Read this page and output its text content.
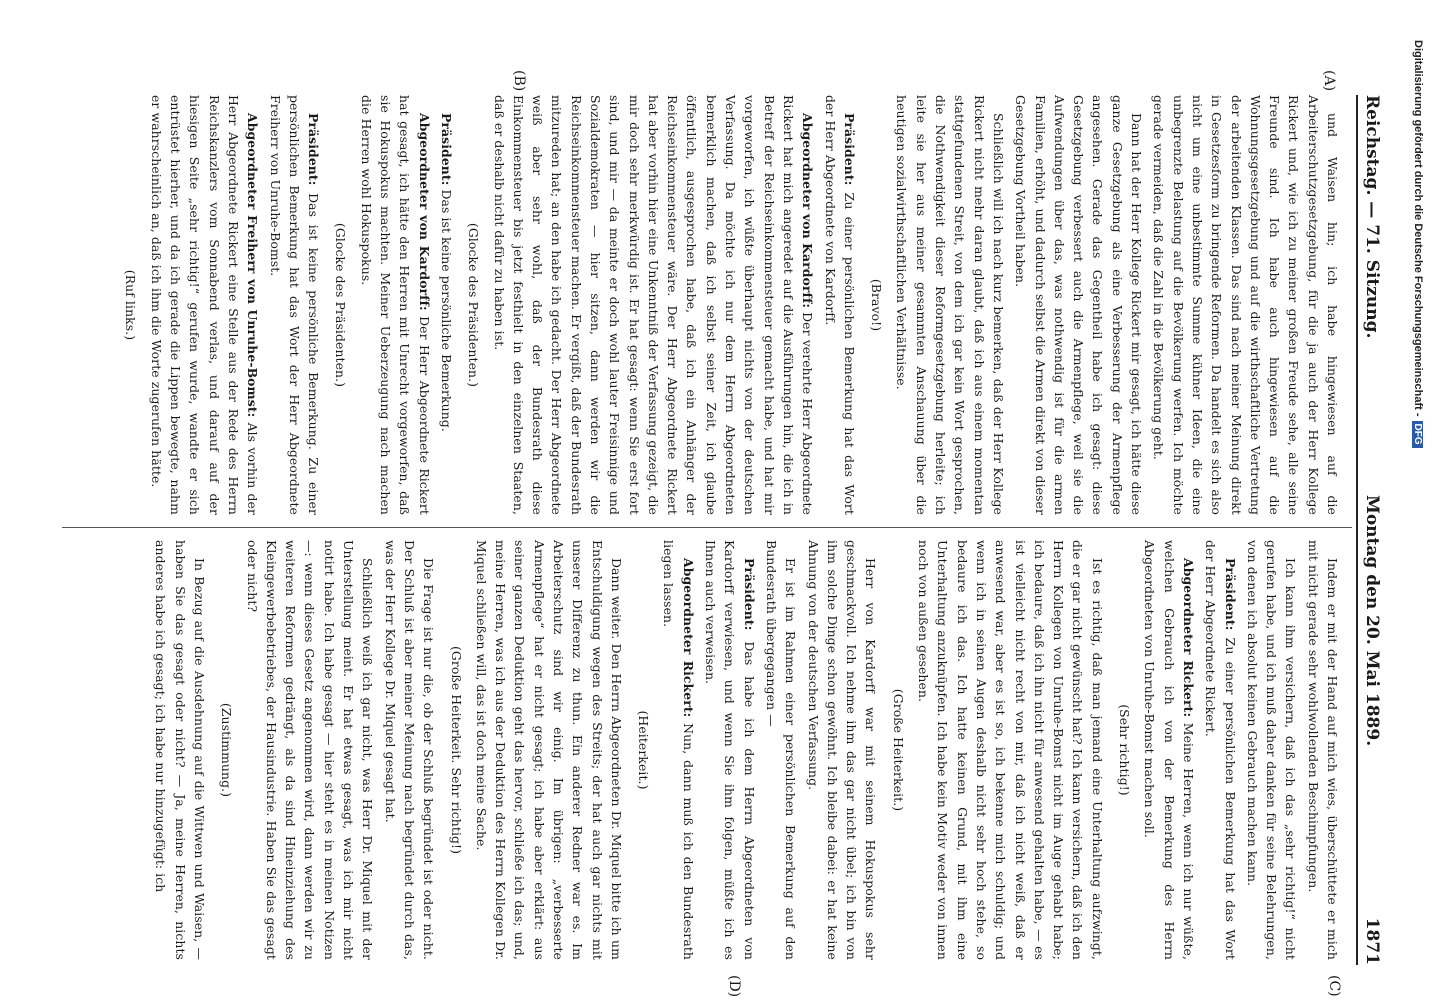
Reichstag. — 71. Sitzung.
Montag den 20. Mai 1889.
1871
(A)
(B)
(C)
(D)

und Waisen hin; ich habe hingewiesen auf die Arbeiterschutzgesetzgebung, für die ja auch der Herr Kollege Rickert und, wie ich zu meiner großen Freude sehe, alle seine Freunde sind. Ich habe auch hingewiesen auf die Wohnungsgesetzgebung und auf die wirthschaftliche Vertretung der arbeitenden Klassen. Das sind nach meiner Meinung direkt in Gesetzesform zu bringende Reformen. Da handelt es sich also nicht um eine unbestimmte Summe kühner Ideen, die eine unbegrenzte Belastung auf die Bevölkerung werfen. Ich möchte gerade vermeiden, daß die Zahl in die Bevölkerung geht.

Dann hat der Herr Kollege Rickert mir gesagt, ich hätte diese ganze Gesetzgebung als eine Verbesserung der Armenpflege angesehen. Gerade das Gegentheil habe ich gesagt: diese Gesetzgebung verbessert auch die Armenpflege, weil sie die Aufwendungen über das, was nothwendig ist für die armen Familien, erhöht, und dadurch selbst die Armen direkt von dieser Gesetzgebung Vortheil haben.

Schließlich will ich nach kurz bemerken, daß der Herr Kollege Rickert nicht mehr daran glaubt, daß ich aus einem momentan stattgefundenen Streit, von dem ich gar kein Wort gesprochen, die Nothwendigkeit dieser Reformgesetzgebung herleite; ich leite sie her aus meiner gesammten Anschauung über die heutigen sozialwirthschaftlichen Verhältnisse.

(Bravo!)

Präsident: Zu einer persönlichen Bemerkung hat das Wort der Herr Abgeordnete von Kardorff.

Abgeordneter von Kardorff: Der verehrte Herr Abgeordnete Rickert hat mich angeredet auf die Ausführungen hin, die ich in Betreff der Reichseinkommensteuer gemacht habe, und hat mir vorgeworfen, ich wüßte überhaupt nichts von der deutschen Verfassung. Da möchte ich nur dem Herrn Abgeordneten bemerklich machen, daß ich selbst seiner Zeit, ich glaube öffentlich, ausgesprochen habe, daß ich ein Anhänger der Reichseinkommensteuer wäre. Der Herr Abgeordnete Rickert hat aber vorhin hier eine Unkenntniß der Verfassung gezeigt, die mir doch sehr merkwürdig ist. Er hat gesagt: wenn Sie erst fort sind, und mir — da meinte er doch wohl lauter Freisinnige und Sozialdemokraten — hier sitzen, dann werden wir die Reichseinkommensteuer machen. Er vergißt, daß der Bundesrath mitzureden hat; an den habe ich gedacht. Der Herr Abgeordnete weiß aber sehr wohl, daß der Bundesrath diese Einkommensteuer bis jetzt festhielt in den einzelnen Staaten, daß er deshalb nicht dafür zu haben ist.

(Glocke des Präsidenten.)

Präsident: Das ist keine persönliche Bemerkung.

Abgeordneter von Kardorff: Der Herr Abgeordnete Rickert hat gesagt, ich hätte den Herren mit Unrecht vorgeworfen, daß sie Hokuspokus machten. Meiner Ueberzeugung nach machen die Herren wohl Hokuspokus.

(Glocke des Präsidenten.)

Präsident: Das ist keine persönliche Bemerkung. Zu einer persönlichen Bemerkung hat das Wort der Herr Abgeordnete Freiherr von Unruhe-Bomst.

Abgeordneter Freiherr von Unruhe-Bomst: Als vorhin der Herr Abgeordnete Rickert eine Stelle aus der Rede des Herrn Reichskanzlers vom Sonnabend verlas, und darauf auf der hiesigen Seite „sehr richtig!“ gerufen wurde, wandte er sich entrüstet hierher, und da ich gerade die Lippen bewegte, nahm er wahrscheinlich an, daß ich ihm die Worte zugerufen hätte.

(Ruf links.)

Indem er mit der Hand auf mich wies, überschüttete er mich mit nicht gerade sehr wohlwollenden Beschimpfungen.

Ich kann ihm versichern, daß ich das „sehr richtig!“ nicht gerufen habe, und ich muß daher danken für seine Belehrungen, von denen ich absolut keinen Gebrauch machen kann.

Präsident: Zu einer persönlichen Bemerkung hat das Wort der Herr Abgeordnete Rickert.

Abgeordneter Rickert: Meine Herren, wenn ich nur wüßte, welchen Gebrauch ich von der Bemerkung des Herrn Abgeordneten von Unruhe-Bomst machen soll.

(Sehr richtig!)

Ist es richtig, daß man jemand eine Unterhaltung aufzwingt, die er gar nicht gewünscht hat? Ich kann versichern, daß ich den Herrn Kollegen von Unruhe-Bomst nicht im Auge gehabt habe; ich bedaure, daß ich ihn nicht für anwesend gehalten habe, — es ist vielleicht nicht recht von mir, daß ich nicht weiß, daß er anwesend war, aber es ist so, ich bekenne mich schuldig; und wenn ich in seinen Augen deshalb nicht sehr hoch stehe, so bedaure ich das. Ich hatte keinen Grund, mit ihm eine Unterhaltung anzuknüpfen. Ich habe kein Motiv weder von innen noch von außen gesehen.

(Große Heiterkeit.)

Herr von Kardorff war mit seinem Hokuspokus sehr geschmackvoll. Ich nehme ihm das gar nicht übel; ich bin von ihm solche Dinge schon gewöhnt. Ich bleibe dabei: er hat keine Ahnung von der deutschen Verfassung.

Er ist im Rahmen einer persönlichen Bemerkung auf den Bundesrath übergegangen —

Präsident: Das habe ich dem Herrn Abgeordneten von Kardorff verwiesen, und wenn Sie ihm folgen, müßte ich es Ihnen auch verweisen.

Abgeordneter Rickert: Nun, dann muß ich den Bundesrath liegen lassen.

(Heiterkeit.)

Dann weiter. Den Herrn Abgeordneten Dr. Miquel bitte ich um Entschuldigung wegen des Streits; der hat auch gar nichts mit unserer Differenz zu thun. Ein anderer Redner war es. Im Arbeiterschutz sind wir einig. Im übrigen: „verbesserte Armenpflege“ hat er nicht gesagt; ich habe aber erklärt: aus seiner ganzen Deduktion geht das hervor, schließe ich das; und, meine Herren, was ich aus der Deduktion des Herrn Kollegen Dr. Miquel schließen will, das ist doch meine Sache.

(Große Heiterkeit. Sehr richtig!)

Die Frage ist nur die, ob der Schluß begründet ist oder nicht. Der Schluß ist aber meiner Meinung nach begründet durch das, was der Herr Kollege Dr. Miquel gesagt hat.

Schließlich weiß ich gar nicht, was Herr Dr. Miquel mit der Unterstellung meint. Er hat etwas gesagt, was ich mir nicht notirt habe. Ich habe gesagt — hier steht es in meinen Notizen —: wenn dieses Gesetz angenommen wird, dann werden wir zu weiteren Reformen gedrängt, als da sind Hineinziehung des Kleingewerbebetriebes, der Hausindustrie. Haben Sie das gesagt oder nicht?

(Zustimmung.)

In Bezug auf die Ausdehnung auf die Wittwen und Waisen, — haben Sie das gesagt oder nicht? — Ja, meine Herren, nichts anderes habe ich gesagt; ich habe nur hinzugefügt: ich

Digitalisierung gefördert durch die Deutsche Forschungsgemeinschaft -DFG
